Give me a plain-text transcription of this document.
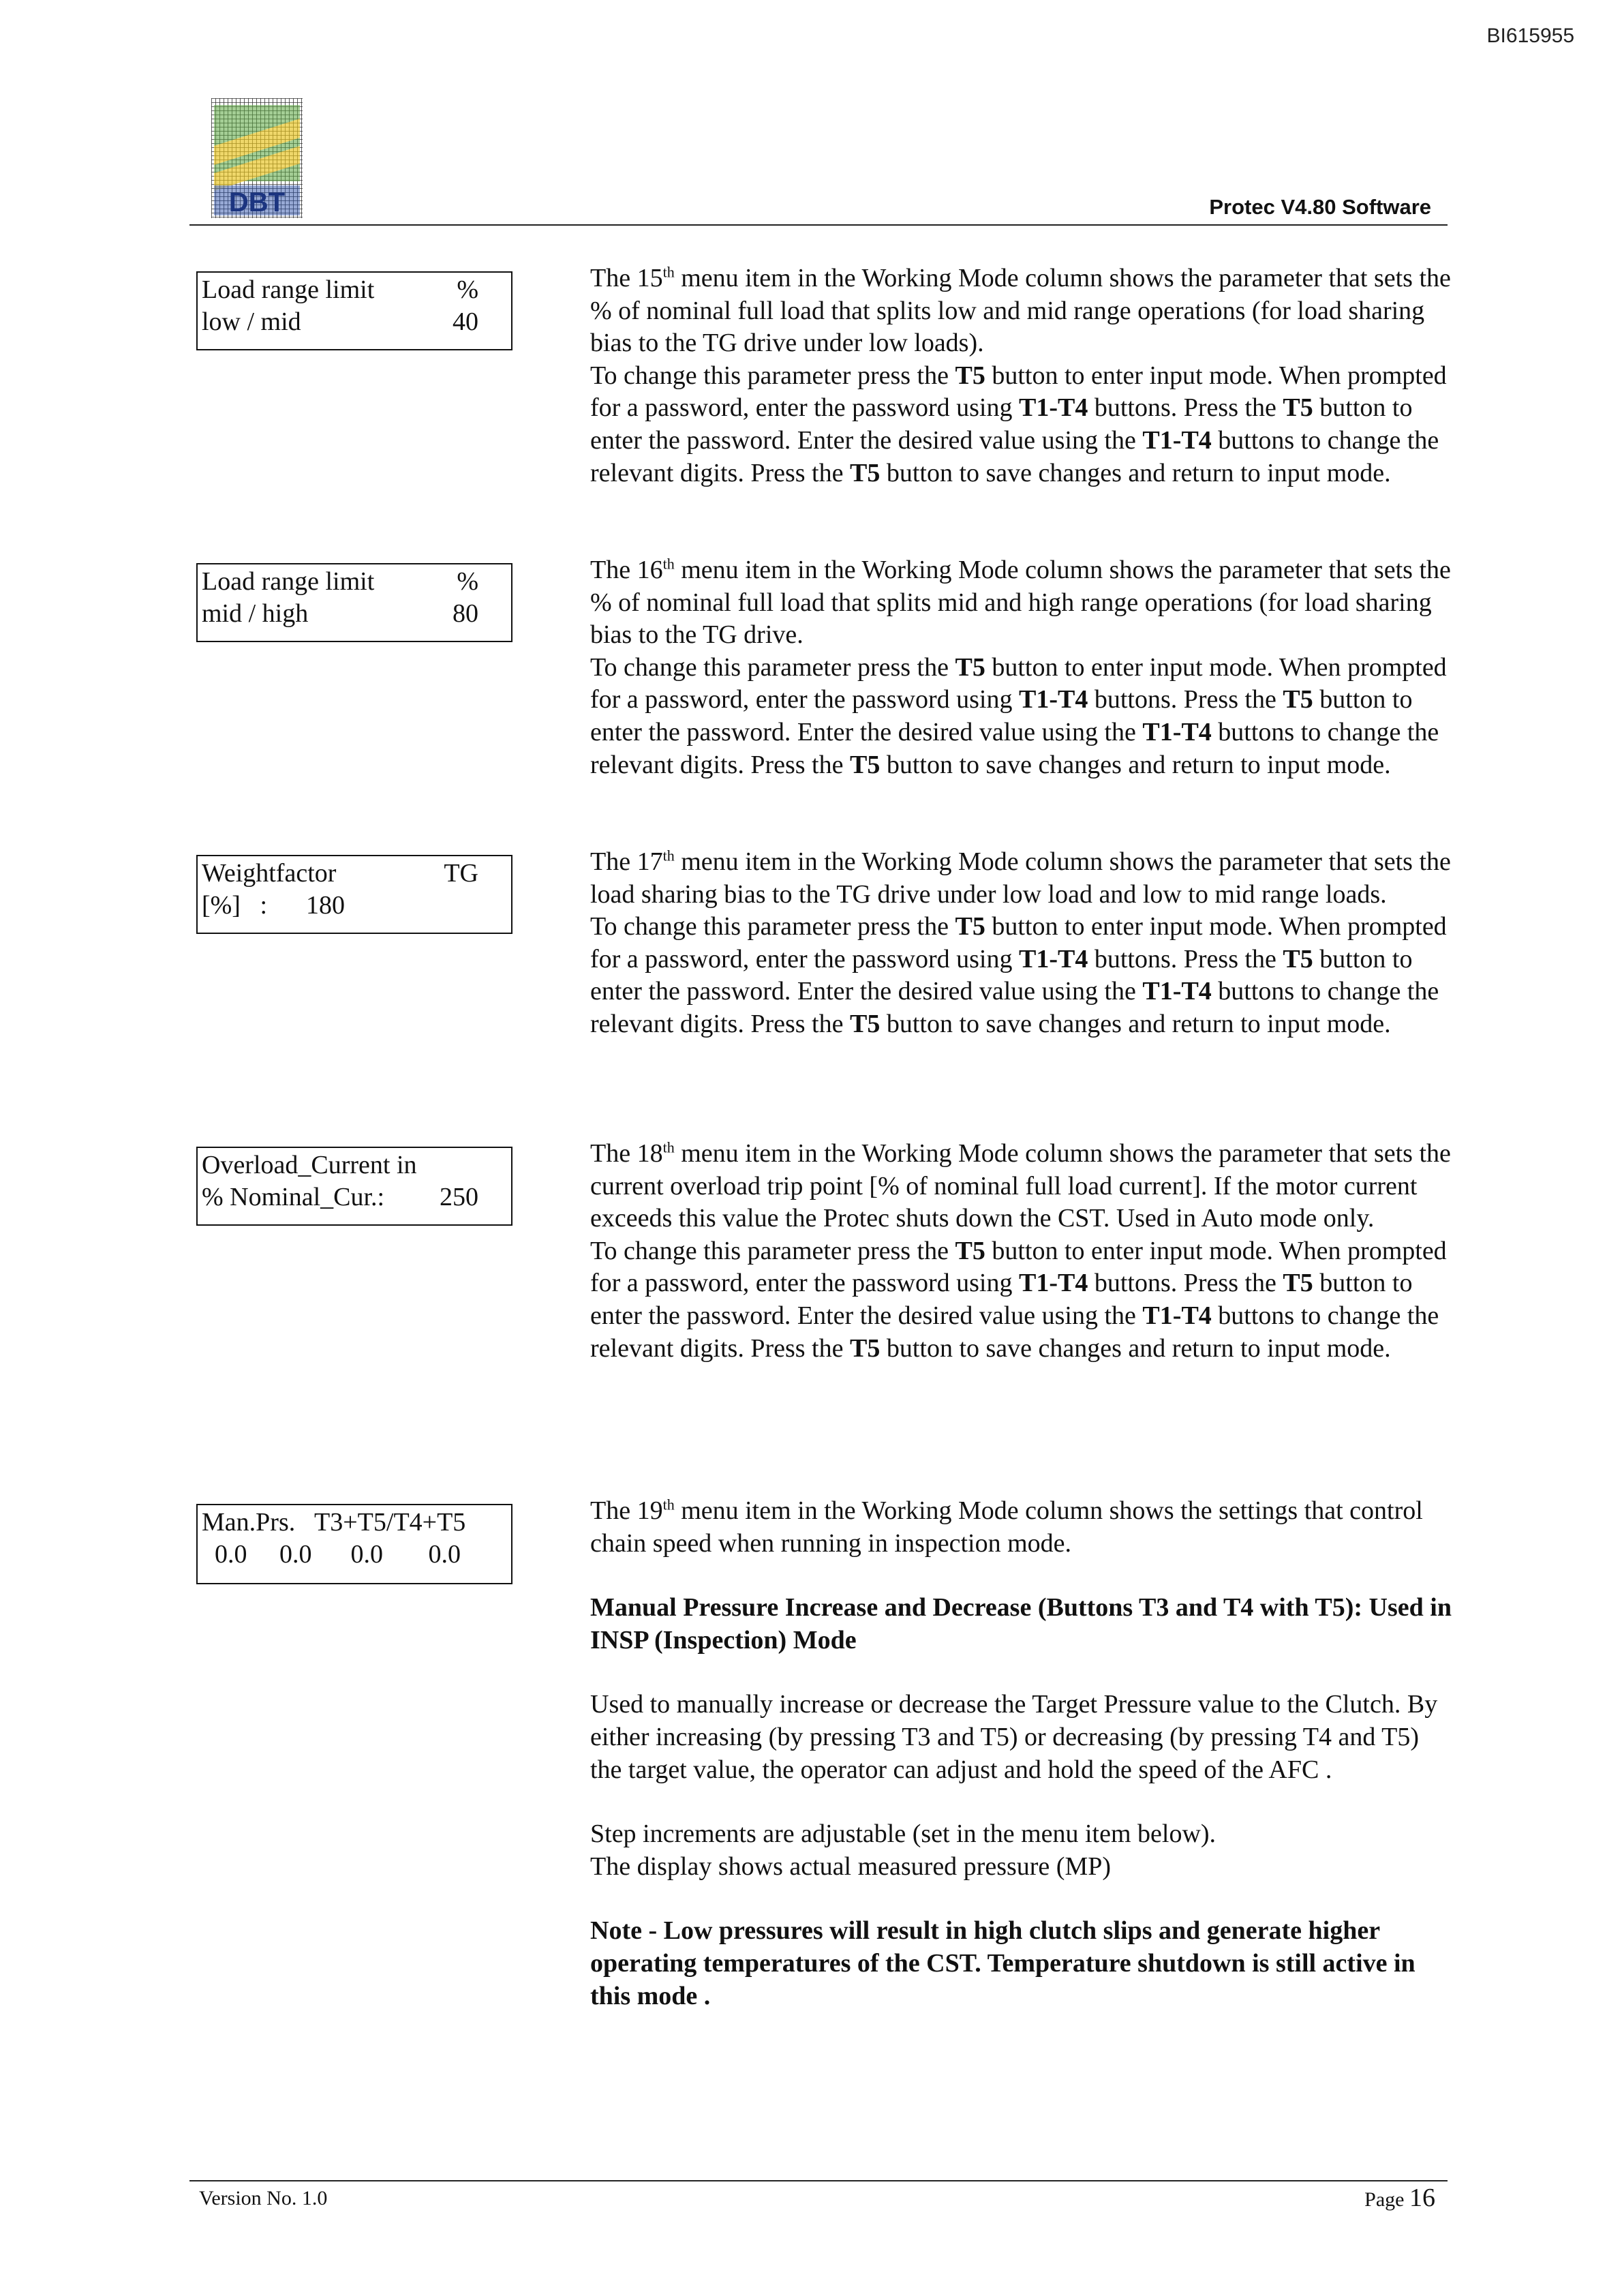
BI615955
DBT	Protec V4.80 Software
Load range limit	%
low / mid	40

The 15th menu item in the Working Mode column shows the parameter that sets the % of nominal full load that splits low and mid range operations (for load sharing bias to the TG drive under low loads).

To change this parameter press the T5 button to enter input mode. When prompted for a password, enter the password using T1-T4 buttons. Press the T5 button to enter the password. Enter the desired value using the T1-T4 buttons to change the relevant digits. Press the T5 button to save changes and return to input mode.

Load range limit	%
mid / high	80

The 16th menu item in the Working Mode column shows the parameter that sets the % of nominal full load that splits mid and high range operations (for load sharing bias to the TG drive.

To change this parameter press the T5 button to enter input mode. When prompted for a password, enter the password using T1-T4 buttons. Press the T5 button to enter the password. Enter the desired value using the T1-T4 buttons to change the relevant digits. Press the T5 button to save changes and return to input mode.

Weightfactor	TG
[%]   :      180

The 17th menu item in the Working Mode column shows the parameter that sets the load sharing bias to the TG drive under low load and low to mid range loads.

To change this parameter press the T5 button to enter input mode. When prompted for a password, enter the password using T1-T4 buttons. Press the T5 button to enter the password. Enter the desired value using the T1-T4 buttons to change the relevant digits. Press the T5 button to save changes and return to input mode.

Overload_Current in
% Nominal_Cur.: 250

The 18th menu item in the Working Mode column shows the parameter that sets the current overload trip point [% of nominal full load current]. If the motor current exceeds this value the Protec shuts down the CST. Used in Auto mode only.

To change this parameter press the T5 button to enter input mode. When prompted for a password, enter the password using T1-T4 buttons. Press the T5 button to enter the password. Enter the desired value using the T1-T4 buttons to change the relevant digits. Press the T5 button to save changes and return to input mode.

Man.Prs.   T3+T5/T4+T5
0.0     0.0      0.0       0.0

The 19th menu item in the Working Mode column shows the settings that control chain speed when running in inspection mode.

Manual Pressure Increase and Decrease (Buttons T3 and T4 with T5): Used in INSP (Inspection) Mode

Used to manually increase or decrease the Target Pressure value to the Clutch. By either increasing (by pressing T3 and T5) or decreasing (by pressing T4 and T5) the target value, the operator can adjust and hold the speed of the AFC .

Step increments are adjustable (set in the menu item below).

The display shows actual measured pressure (MP)

Note - Low pressures will result in high clutch slips and generate higher operating temperatures of the CST. Temperature shutdown is still active in this mode .

Version No. 1.0	Page 16
